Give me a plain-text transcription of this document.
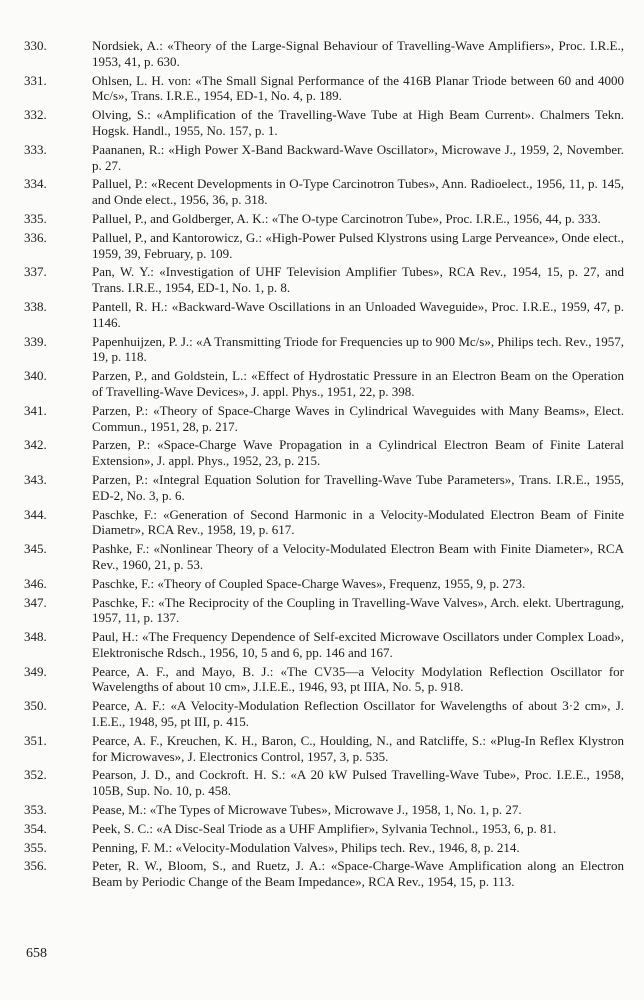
330.	Nordsiek, A.: «Theory of the Large-Signal Behaviour of Travelling-Wave Amplifiers», Proc. I.R.E., 1953, 41, p. 630.
331.	Ohlsen, L. H. von: «The Small Signal Performance of the 416B Planar Triode between 60 and 4000 Mc/s», Trans. I.R.E., 1954, ED-1, No. 4, p. 189.
332.	Olving, S.: «Amplification of the Travelling-Wave Tube at High Beam Current». Chalmers Tekn. Hogsk. Handl., 1955, No. 157, p. 1.
333.	Paananen, R.: «High Power X-Band Backward-Wave Oscillator», Microwave J., 1959, 2, November. p. 27.
334.	Palluel, P.: «Recent Developments in O-Type Carcinotron Tubes», Ann. Radioelect., 1956, 11, p. 145, and Onde elect., 1956, 36, p. 318.
335.	Palluel, P., and Goldberger, A. K.: «The O-type Carcinotron Tube», Proc. I.R.E., 1956, 44, p. 333.
336.	Palluel, P., and Kantorowicz, G.: «High-Power Pulsed Klystrons using Large Perveance», Onde elect., 1959, 39, February, p. 109.
337.	Pan, W. Y.: «Investigation of UHF Television Amplifier Tubes», RCA Rev., 1954, 15, p. 27, and Trans. I.R.E., 1954, ED-1, No. 1, p. 8.
338.	Pantell, R. H.: «Backward-Wave Oscillations in an Unloaded Waveguide», Proc. I.R.E., 1959, 47, p. 1146.
339.	Papenhuijzen, P. J.: «A Transmitting Triode for Frequencies up to 900 Mc/s», Philips tech. Rev., 1957, 19, p. 118.
340.	Parzen, P., and Goldstein, L.: «Effect of Hydrostatic Pressure in an Electron Beam on the Operation of Travelling-Wave Devices», J. appl. Phys., 1951, 22, p. 398.
341.	Parzen, P.: «Theory of Space-Charge Waves in Cylindrical Waveguides with Many Beams», Elect. Commun., 1951, 28, p. 217.
342.	Parzen, P.: «Space-Charge Wave Propagation in a Cylindrical Electron Beam of Finite Lateral Extension», J. appl. Phys., 1952, 23, p. 215.
343.	Parzen, P.: «Integral Equation Solution for Travelling-Wave Tube Parameters», Trans. I.R.E., 1955, ED-2, No. 3, p. 6.
344.	Paschke, F.: «Generation of Second Harmonic in a Velocity-Modulated Electron Beam of Finite Diametr», RCA Rev., 1958, 19, p. 617.
345.	Pashke, F.: «Nonlinear Theory of a Velocity-Modulated Electron Beam with Finite Diameter», RCA Rev., 1960, 21, p. 53.
346.	Paschke, F.: «Theory of Coupled Space-Charge Waves», Frequenz, 1955, 9, p. 273.
347.	Paschke, F.: «The Reciprocity of the Coupling in Travelling-Wave Valves», Arch. elekt. Ubertragung, 1957, 11, p. 137.
348.	Paul, H.: «The Frequency Dependence of Self-excited Microwave Oscillators under Complex Load», Elektronische Rdsch., 1956, 10, 5 and 6, pp. 146 and 167.
349.	Pearce, A. F., and Mayo, B. J.: «The CV35—a Velocity Modylation Reflection Oscillator for Wavelengths of about 10 cm», J.I.E.E., 1946, 93, pt IIIA, No. 5, p. 918.
350.	Pearce, A. F.: «A Velocity-Modulation Reflection Oscillator for Wavelengths of about 3·2 cm», J. I.E.E., 1948, 95, pt III, p. 415.
351.	Pearce, A. F., Kreuchen, K. H., Baron, C., Houlding, N., and Ratcliffe, S.: «Plug-In Reflex Klystron for Microwaves», J. Electronics Control, 1957, 3, p. 535.
352.	Pearson, J. D., and Cockroft. H. S.: «A 20 kW Pulsed Travelling-Wave Tube», Proc. I.E.E., 1958, 105B, Sup. No. 10, p. 458.
353.	Pease, M.: «The Types of Microwave Tubes», Microwave J., 1958, 1, No. 1, p. 27.
354.	Peek, S. C.: «A Disc-Seal Triode as a UHF Amplifier», Sylvania Technol., 1953, 6, p. 81.
355.	Penning, F. M.: «Velocity-Modulation Valves», Philips tech. Rev., 1946, 8, p. 214.
356.	Peter, R. W., Bloom, S., and Ruetz, J. A.: «Space-Charge-Wave Amplification along an Electron Beam by Periodic Change of the Beam Impedance», RCA Rev., 1954, 15, p. 113.
658
